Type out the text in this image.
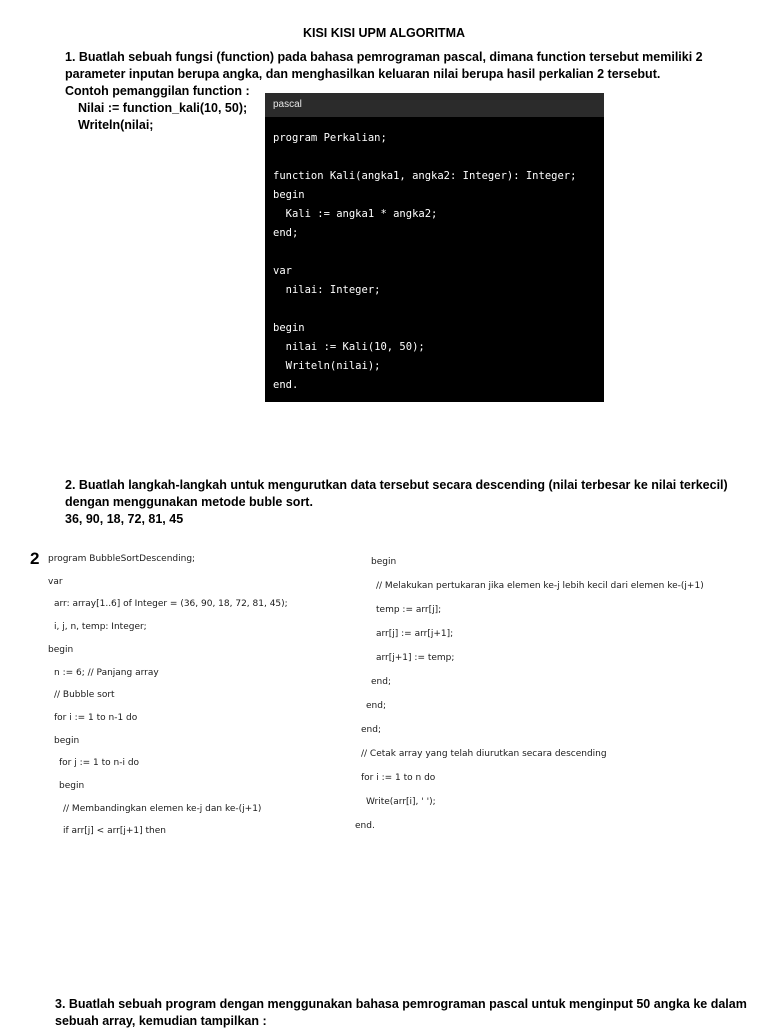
KISI KISI UPM ALGORITMA
1. Buatlah sebuah fungsi (function) pada bahasa pemrograman pascal, dimana function tersebut memiliki 2 parameter inputan berupa angka, dan menghasilkan keluaran nilai berupa hasil perkalian 2 tersebut.
Contoh pemanggilan function :
Nilai := function_kali(10, 50);
Writeln(nilai;
pascal
program Perkalian;
function Kali(angka1, angka2: Integer): Integer;
begin
Kali := angka1 * angka2;
end;
var
nilai: Integer;
begin
nilai := Kali(10, 50);
Writeln(nilai);
end.
2. Buatlah langkah-langkah untuk mengurutkan data tersebut secara descending (nilai terbesar ke nilai terkecil) dengan menggunakan metode buble sort.
36, 90, 18, 72, 81, 45
2 program BubbleSortDescending;
var
arr: array[1..6] of Integer = (36, 90, 18, 72, 81, 45);
i, j, n, temp: Integer;
begin
n := 6; // Panjang array
// Bubble sort
for i := 1 to n-1 do
begin
for j := 1 to n-i do
begin
// Membandingkan elemen ke-j dan ke-(j+1)
if arr[j] < arr[j+1] then
begin
// Melakukan pertukaran jika elemen ke-j lebih kecil dari elemen ke-(j+1)
temp := arr[j];
arr[j] := arr[j+1];
arr[j+1] := temp;
end;
end;
end;
// Cetak array yang telah diurutkan secara descending
for i := 1 to n do
Write(arr[i], ' ');
end.
3. Buatlah sebuah program dengan menggunakan bahasa pemrograman pascal untuk menginput 50 angka ke dalam sebuah array, kemudian tampilkan :
